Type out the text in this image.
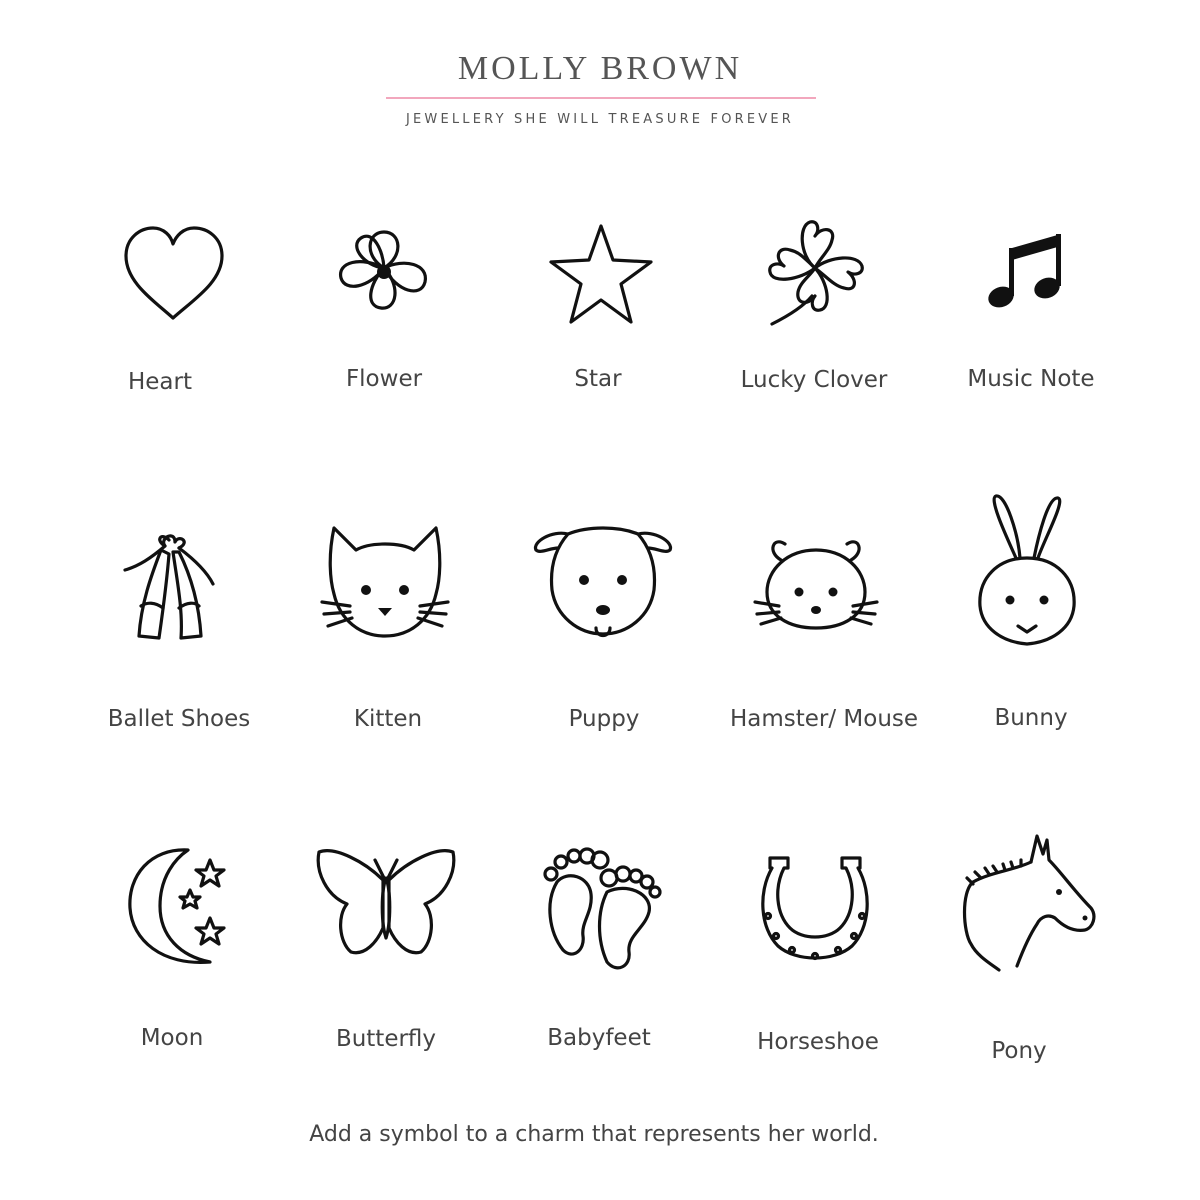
MOLLY BROWN
JEWELLERY SHE WILL TREASURE FOREVER
Heart	Flower	Star	Lucky Clover	Music Note
Ballet Shoes	Kitten	Puppy	Hamster/ Mouse	Bunny
Moon	Butterfly	Babyfeet	Horseshoe	Pony
Add a symbol to a charm that represents her world.
